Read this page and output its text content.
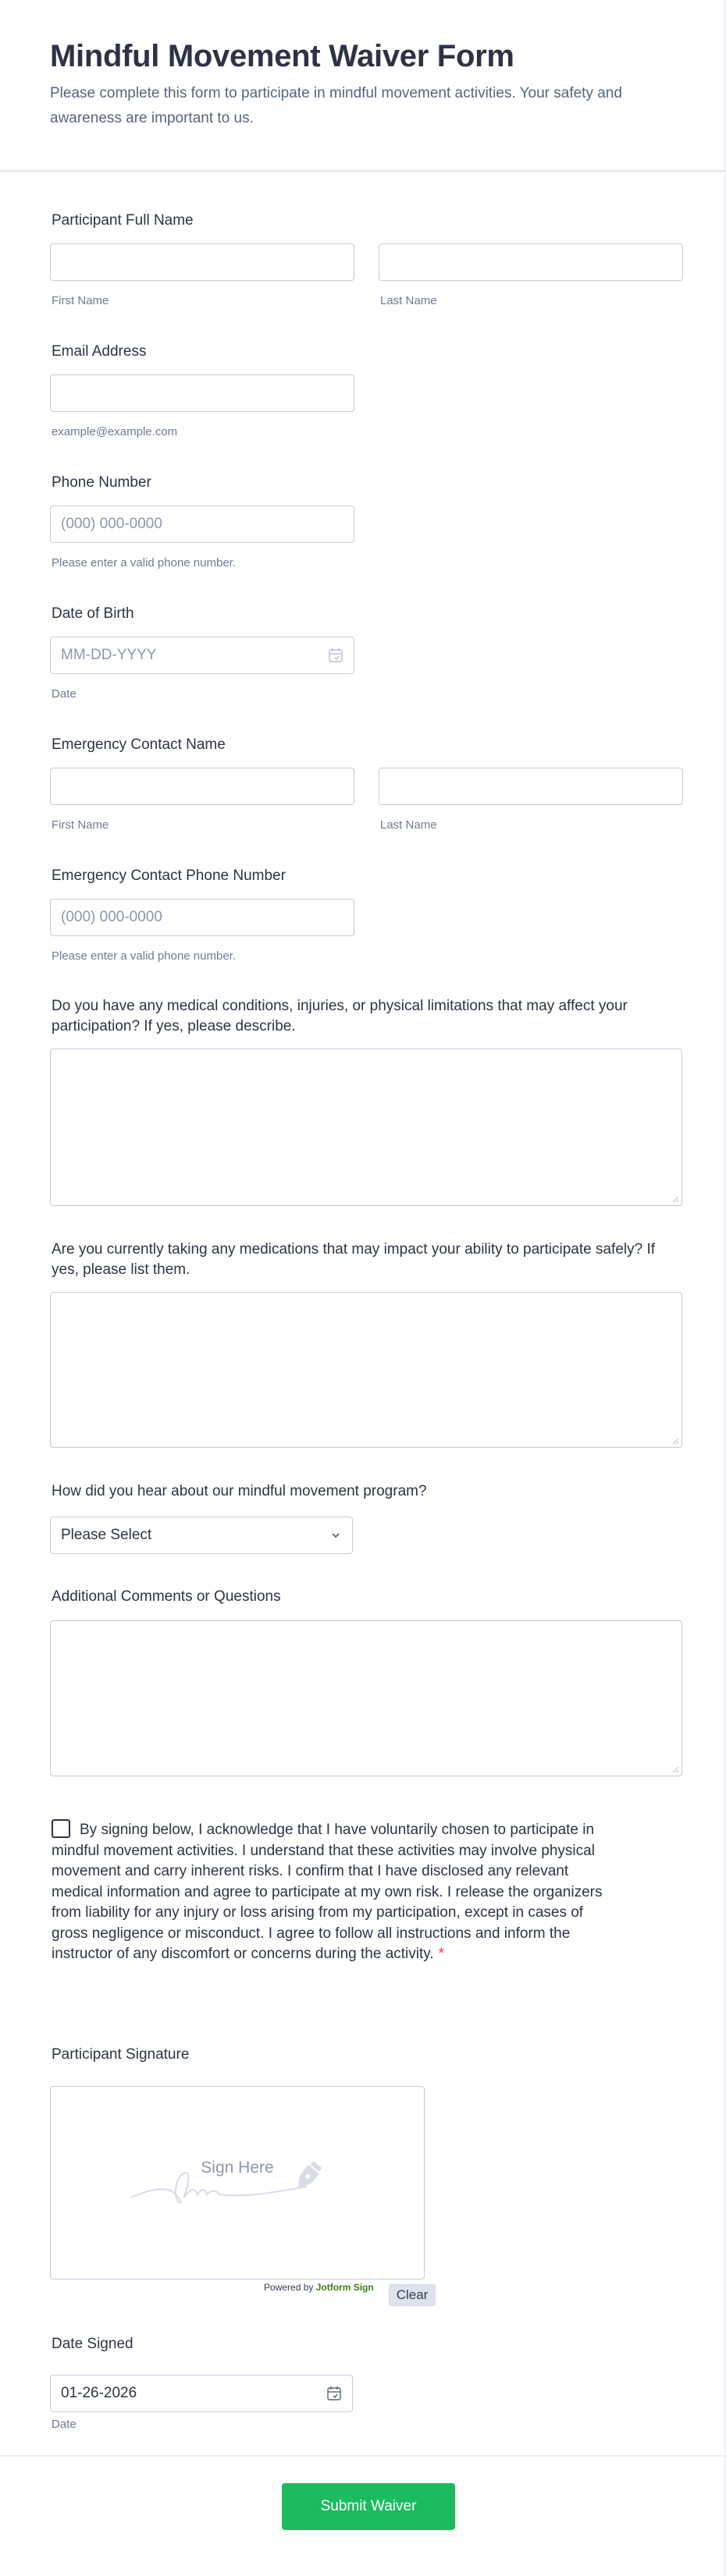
Mindful Movement Waiver Form

Please complete this form to participate in mindful movement activities. Your safety and awareness are important to us.

Participant Full Name
First Name	Last Name
Email Address
example@example.com
Phone Number
(000) 000-0000
Please enter a valid phone number.
Date of Birth
MM-DD-YYYY
Date
Emergency Contact Name
First Name	Last Name
Emergency Contact Phone Number
(000) 000-0000
Please enter a valid phone number.
Do you have any medical conditions, injuries, or physical limitations that may affect your participation? If yes, please describe.
Are you currently taking any medications that may impact your ability to participate safely? If yes, please list them.
How did you hear about our mindful movement program?
Please Select
Additional Comments or Questions
By signing below, I acknowledge that I have voluntarily chosen to participate in mindful movement activities. I understand that these activities may involve physical movement and carry inherent risks. I confirm that I have disclosed any relevant medical information and agree to participate at my own risk. I release the organizers from liability for any injury or loss arising from my participation, except in cases of gross negligence or misconduct. I agree to follow all instructions and inform the instructor of any discomfort or concerns during the activity. *
Participant Signature
Sign Here
Powered by Jotform Sign	Clear
Date Signed
01-26-2026
Date
Submit Waiver
